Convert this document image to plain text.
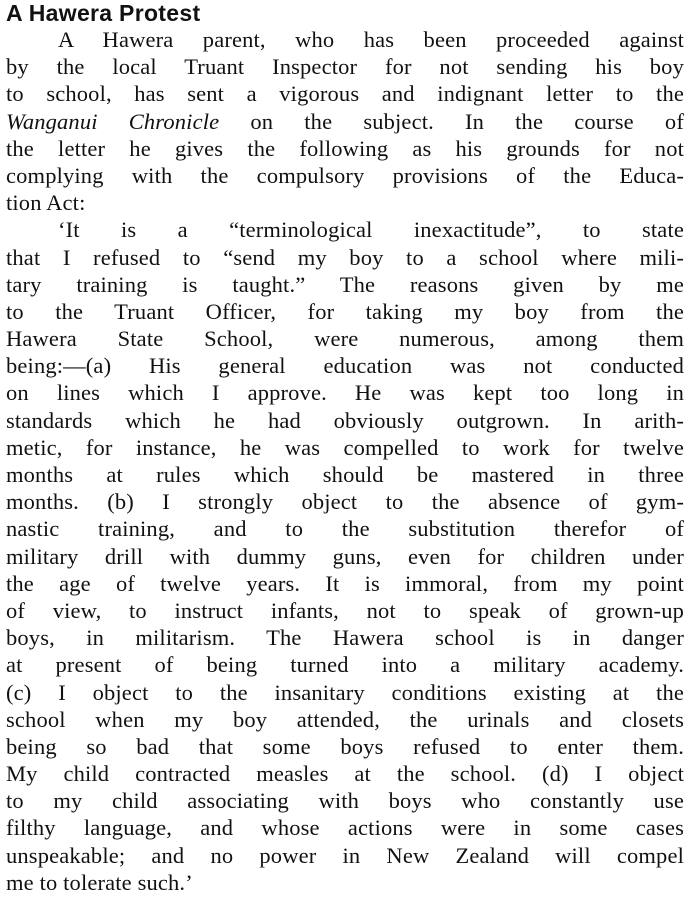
A Hawera Protest
A Hawera parent, who has been proceeded against
by the local Truant Inspector for not sending his boy
to school, has sent a vigorous and indignant letter to the
Wanganui Chronicle on the subject. In the course of
the letter he gives the following as his grounds for not
complying with the compulsory provisions of the Educa-
tion Act:
‘It is a “terminological inexactitude”, to state
that I refused to “send my boy to a school where mili-
tary training is taught.” The reasons given by me
to the Truant Officer, for taking my boy from the
Hawera State School, were numerous, among them
being:—(a) His general education was not conducted
on lines which I approve. He was kept too long in
standards which he had obviously outgrown. In arith-
metic, for instance, he was compelled to work for twelve
months at rules which should be mastered in three
months. (b) I strongly object to the absence of gym-
nastic training, and to the substitution therefor of
military drill with dummy guns, even for children under
the age of twelve years. It is immoral, from my point
of view, to instruct infants, not to speak of grown-up
boys, in militarism. The Hawera school is in danger
at present of being turned into a military academy.
(c) I object to the insanitary conditions existing at the
school when my boy attended, the urinals and closets
being so bad that some boys refused to enter them.
My child contracted measles at the school. (d) I object
to my child associating with boys who constantly use
filthy language, and whose actions were in some cases
unspeakable; and no power in New Zealand will compel
me to tolerate such.’
